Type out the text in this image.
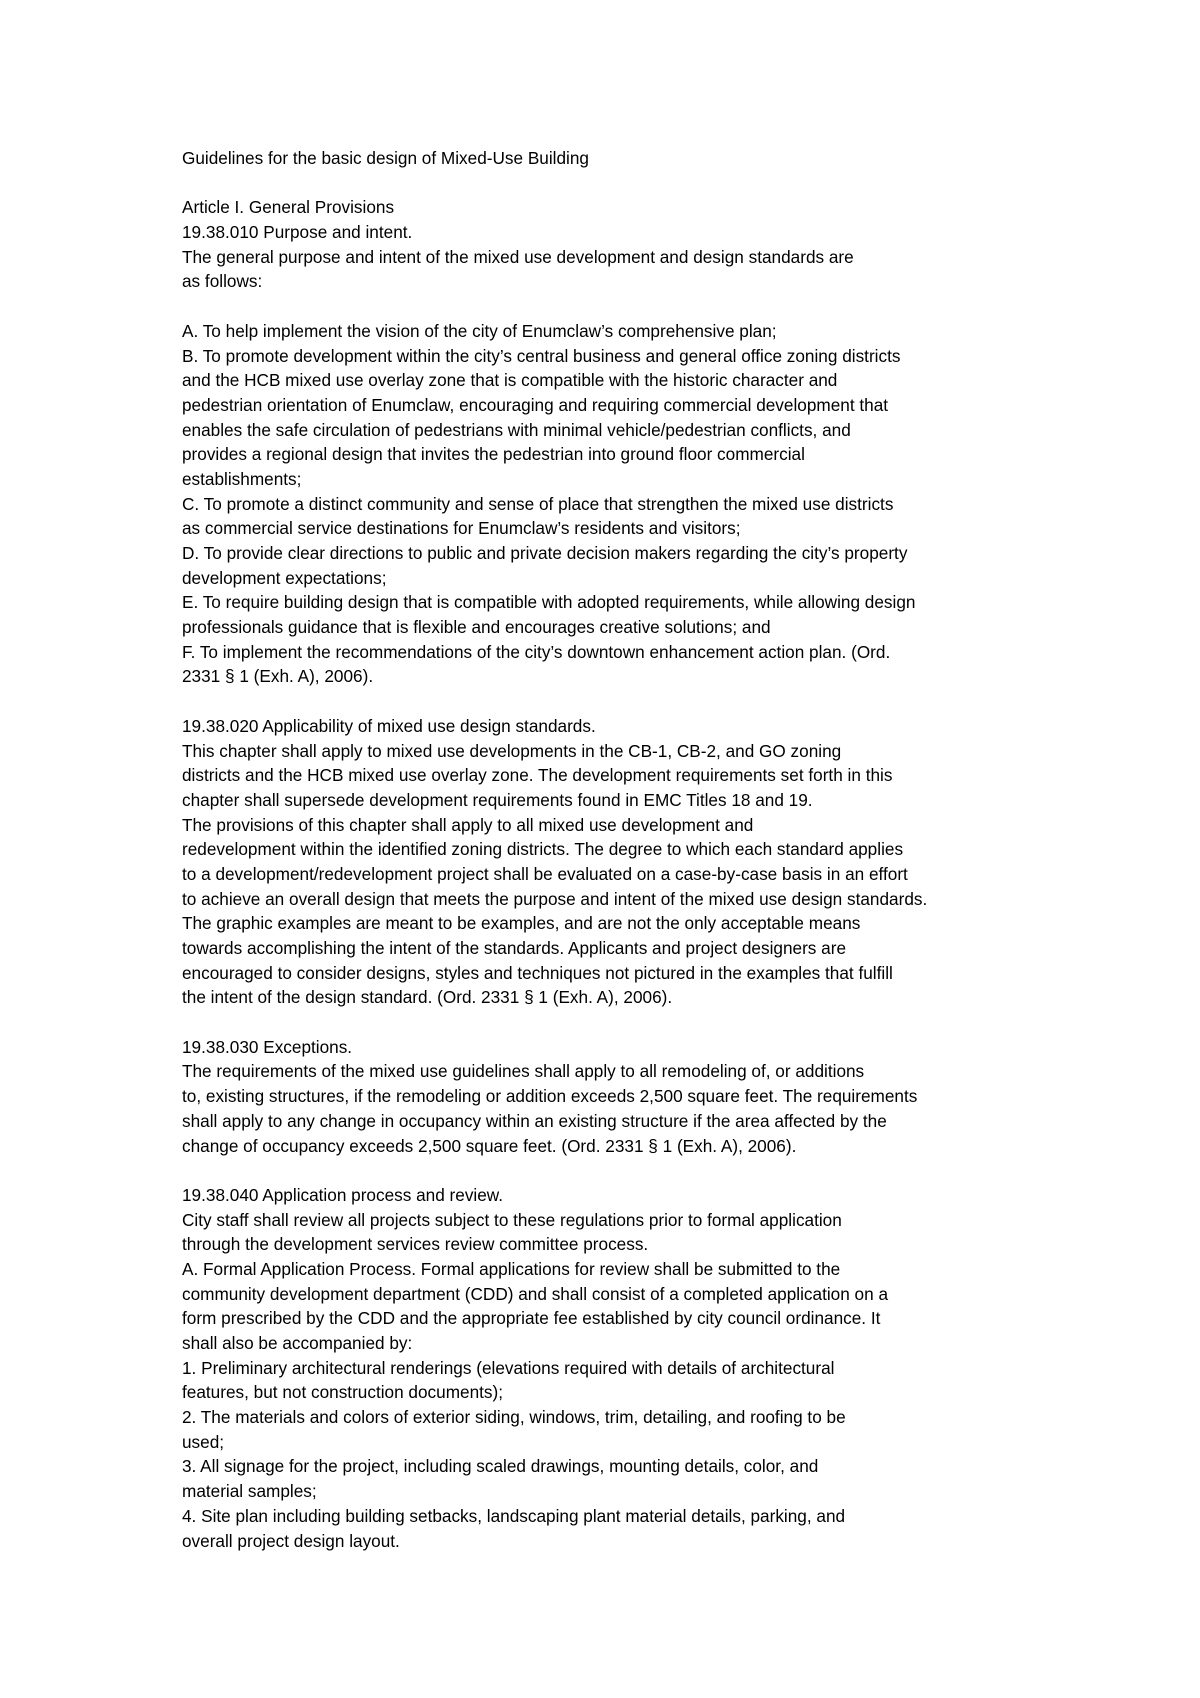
Guidelines for the basic design of Mixed-Use Building
Article I. General Provisions
19.38.010 Purpose and intent.
The general purpose and intent of the mixed use development and design standards are
as follows:
A. To help implement the vision of the city of Enumclaw’s comprehensive plan;
B. To promote development within the city’s central business and general office zoning districts
and the HCB mixed use overlay zone that is compatible with the historic character and
pedestrian orientation of Enumclaw, encouraging and requiring commercial development that
enables the safe circulation of pedestrians with minimal vehicle/pedestrian conflicts, and
provides a regional design that invites the pedestrian into ground floor commercial
establishments;
C. To promote a distinct community and sense of place that strengthen the mixed use districts
as commercial service destinations for Enumclaw’s residents and visitors;
D. To provide clear directions to public and private decision makers regarding the city’s property
development expectations;
E. To require building design that is compatible with adopted requirements, while allowing design
professionals guidance that is flexible and encourages creative solutions; and
F. To implement the recommendations of the city’s downtown enhancement action plan. (Ord.
2331 § 1 (Exh. A), 2006).
19.38.020 Applicability of mixed use design standards.
This chapter shall apply to mixed use developments in the CB-1, CB-2, and GO zoning
districts and the HCB mixed use overlay zone. The development requirements set forth in this
chapter shall supersede development requirements found in EMC Titles 18 and 19.
The provisions of this chapter shall apply to all mixed use development and
redevelopment within the identified zoning districts. The degree to which each standard applies
to a development/redevelopment project shall be evaluated on a case-by-case basis in an effort
to achieve an overall design that meets the purpose and intent of the mixed use design standards.
The graphic examples are meant to be examples, and are not the only acceptable means
towards accomplishing the intent of the standards. Applicants and project designers are
encouraged to consider designs, styles and techniques not pictured in the examples that fulfill
the intent of the design standard. (Ord. 2331 § 1 (Exh. A), 2006).
19.38.030 Exceptions.
The requirements of the mixed use guidelines shall apply to all remodeling of, or additions
to, existing structures, if the remodeling or addition exceeds 2,500 square feet. The requirements
shall apply to any change in occupancy within an existing structure if the area affected by the
change of occupancy exceeds 2,500 square feet. (Ord. 2331 § 1 (Exh. A), 2006).
19.38.040 Application process and review.
City staff shall review all projects subject to these regulations prior to formal application
through the development services review committee process.
A. Formal Application Process. Formal applications for review shall be submitted to the
community development department (CDD) and shall consist of a completed application on a
form prescribed by the CDD and the appropriate fee established by city council ordinance. It
shall also be accompanied by:
1. Preliminary architectural renderings (elevations required with details of architectural
features, but not construction documents);
2. The materials and colors of exterior siding, windows, trim, detailing, and roofing to be
used;
3. All signage for the project, including scaled drawings, mounting details, color, and
material samples;
4. Site plan including building setbacks, landscaping plant material details, parking, and
overall project design layout.
